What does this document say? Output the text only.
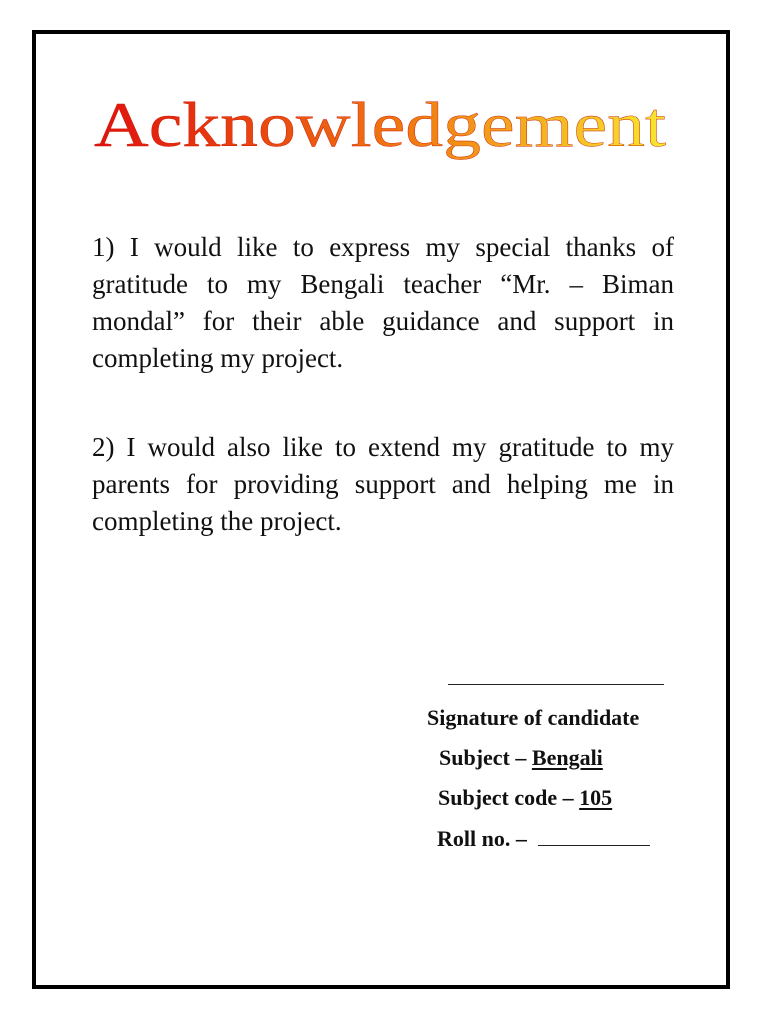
Acknowledgement

1) I would like to express my special thanks of gratitude to my Bengali teacher “Mr. – Biman mondal” for their able guidance and support in completing my project.

2) I would also like to extend my gratitude to my parents for providing support and helping me in completing the project.

Signature of candidate
Subject – Bengali
Subject code – 105
Roll no. –
